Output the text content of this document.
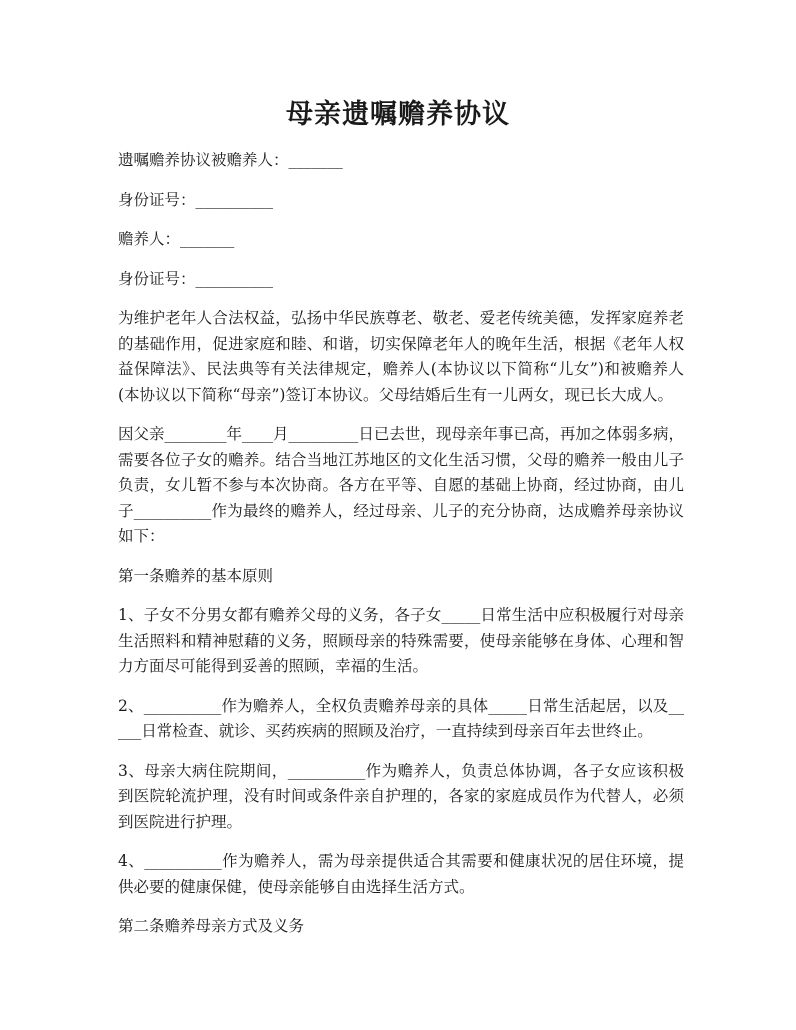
母亲遗嘱赡养协议

遗嘱赡养协议被赡养人：_______

身份证号：__________

赡养人：_______

身份证号：__________

为维护老年人合法权益，弘扬中华民族尊老、敬老、爱老传统美德，发挥家庭养老的基础作用，促进家庭和睦、和谐，切实保障老年人的晚年生活，根据《老年人权益保障法》、民法典等有关法律规定，赡养人(本协议以下简称“儿女”)和被赡养人(本协议以下简称“母亲”)签订本协议。父母结婚后生有一儿两女，现已长大成人。

因父亲________年____月_________日已去世，现母亲年事已高，再加之体弱多病，需要各位子女的赡养。结合当地江苏地区的文化生活习惯，父母的赡养一般由儿子负责，女儿暂不参与本次协商。各方在平等、自愿的基础上协商，经过协商，由儿子__________作为最终的赡养人，经过母亲、儿子的充分协商，达成赡养母亲协议如下：

第一条赡养的基本原则

1、子女不分男女都有赡养父母的义务，各子女_____日常生活中应积极履行对母亲生活照料和精神慰藉的义务，照顾母亲的特殊需要，使母亲能够在身体、心理和智力方面尽可能得到妥善的照顾，幸福的生活。

2、__________作为赡养人，全权负责赡养母亲的具体_____日常生活起居，以及_____日常检查、就诊、买药疾病的照顾及治疗，一直持续到母亲百年去世终止。

3、母亲大病住院期间，__________作为赡养人，负责总体协调，各子女应该积极到医院轮流护理，没有时间或条件亲自护理的，各家的家庭成员作为代替人，必须到医院进行护理。

4、__________作为赡养人，需为母亲提供适合其需要和健康状况的居住环境，提供必要的健康保健，使母亲能够自由选择生活方式。

第二条赡养母亲方式及义务
